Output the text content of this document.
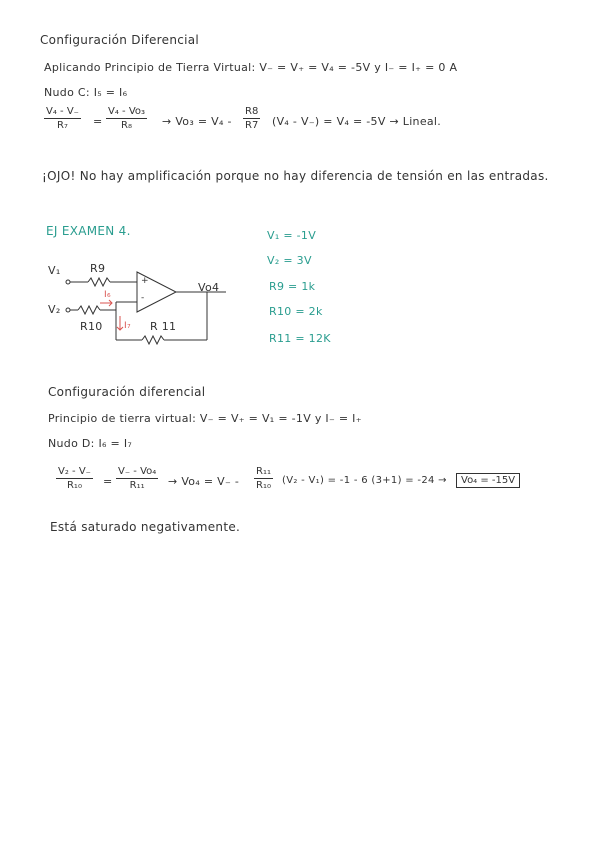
Configuración Diferencial
Aplicando Principio de Tierra Virtual: V₋ = V₊ = V₄ = -5V y I₋ = I₊ = 0 A
Nudo C: I₅ = I₆
$\frac{\text{V₄ - V₋}}{\text{R₇}} = \frac{\text{V₄ - Vo₃}}{\text{R₈}} \to Vo_3 = V_4 - \frac{R8}{R7} (V_4 - V_-) = V_4 = -5V$ → Lineal.
¡OJO! No hay amplificación porque no hay diferencia de tensión en las entradas.
EJ EXAMEN 4.
V₁
V₂
R9
R10	R 11
Vo4
+
-
I₆
I₇
V₁ = -1V
V₂ = 3V
R9 = 1k
R10 = 2k
R11 = 12K
Configuración diferencial
Principio de tierra virtual: V₋ = V₊ = V₁ = -1V y I₋ = I₊
Nudo D: I₆ = I₇
$\frac{\text{V₂ - V₋}}{\text{R₁₀}} = \frac{\text{V₋ - Vo₄}}{\text{R₁₁}} \to Vo_4 = V_- - \frac{\text{R₁₁}}{\text{R₁₀}} (V_2 - V_1) = -1 - 6$ (3+1) = -24 →	Vo₄ = -15V
Está saturado negativamente.
